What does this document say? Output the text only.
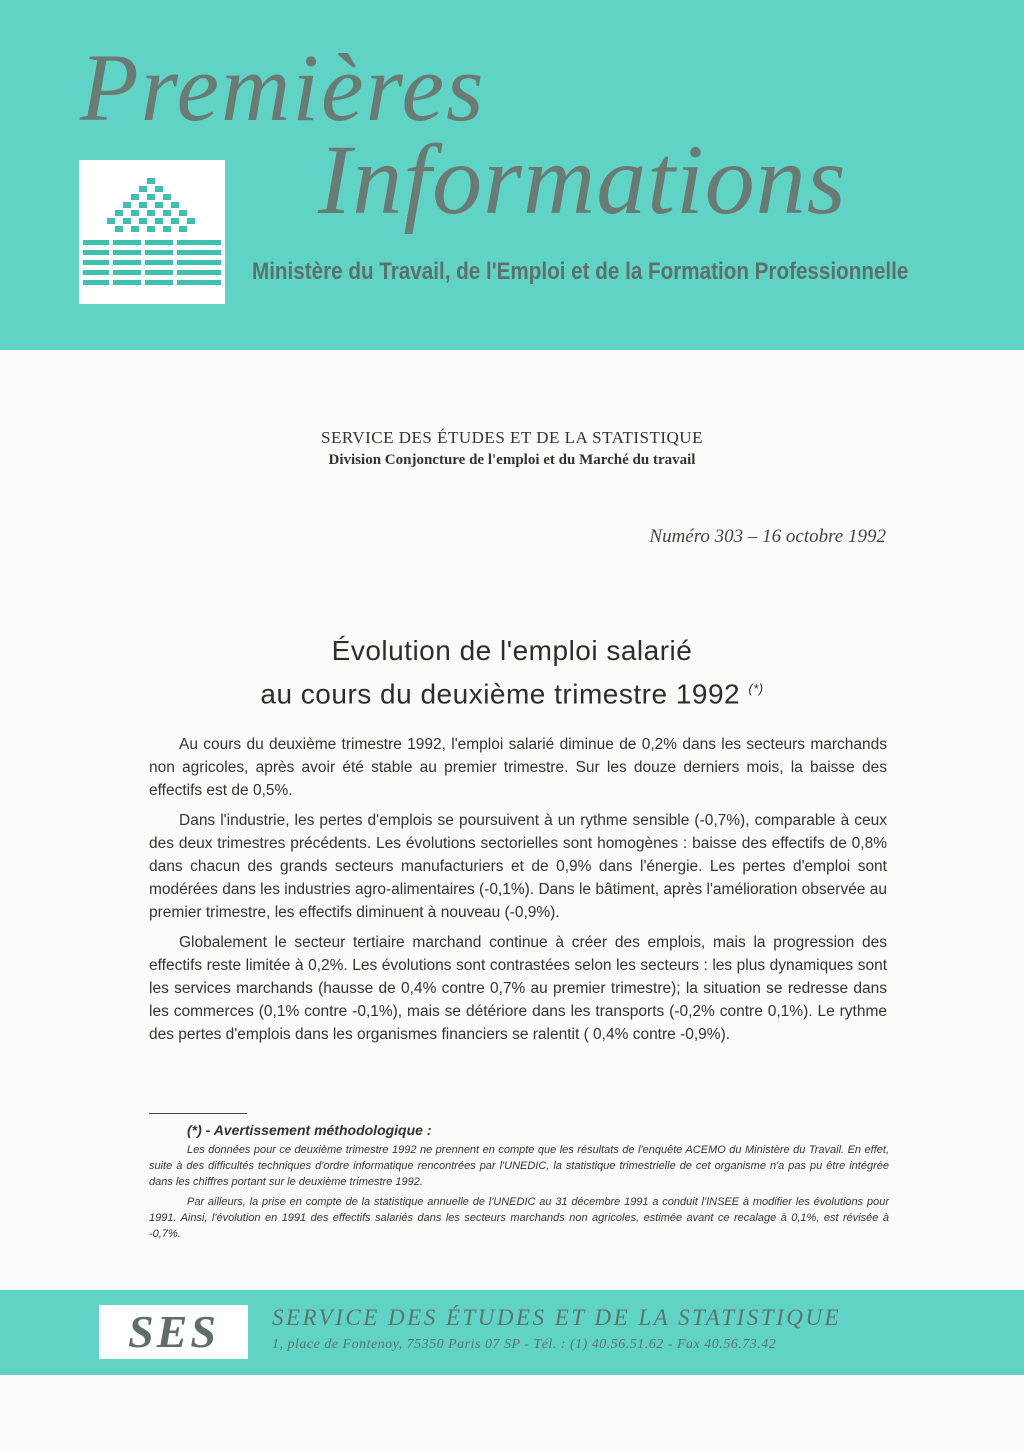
Premières
Informations
Ministère du Travail, de l'Emploi et de la Formation Professionnelle
SERVICE DES ÉTUDES ET DE LA STATISTIQUE
Division Conjoncture de l'emploi et du Marché du travail
Numéro 303 – 16 octobre 1992
Évolution de l'emploi salarié
au cours du deuxième trimestre 1992 (*)

Au cours du deuxième trimestre 1992, l'emploi salarié diminue de 0,2% dans les secteurs marchands non agricoles, après avoir été stable au premier trimestre. Sur les douze derniers mois, la baisse des effectifs est de 0,5%.

Dans l'industrie, les pertes d'emplois se poursuivent à un rythme sensible (-0,7%), comparable à ceux des deux trimestres précédents. Les évolutions sectorielles sont homogènes : baisse des effectifs de 0,8% dans chacun des grands secteurs manufacturiers et de 0,9% dans l'énergie. Les pertes d'emploi sont modérées dans les industries agro-alimentaires (-0,1%). Dans le bâtiment, après l'amélioration observée au premier trimestre, les effectifs diminuent à nouveau (-0,9%).

Globalement le secteur tertiaire marchand continue à créer des emplois, mais la progression des effectifs reste limitée à 0,2%. Les évolutions sont contrastées selon les secteurs : les plus dynamiques sont les services marchands (hausse de 0,4% contre 0,7% au premier trimestre); la situation se redresse dans les commerces (0,1% contre -0,1%), mais se détériore dans les transports (-0,2% contre 0,1%). Le rythme des pertes d'emplois dans les organismes financiers se ralentit ( 0,4% contre -0,9%).

(*) - Avertissement méthodologique :

Les données pour ce deuxième trimestre 1992 ne prennent en compte que les résultats de l'enquête ACEMO du Ministère du Travail. En effet, suite à des difficultés techniques d'ordre informatique rencontrées par l'UNEDIC, la statistique trimestrielle de cet organisme n'a pas pu être intégrée dans les chiffres portant sur le deuxième trimestre 1992.

Par ailleurs, la prise en compte de la statistique annuelle de l'UNEDIC au 31 décembre 1991 a conduit l'INSEE à modifier les évolutions pour 1991. Ainsi, l'évolution en 1991 des effectifs salariés dans les secteurs marchands non agricoles, estimée avant ce recalage à 0,1%, est révisée à -0,7%.

SES	SERVICE DES ÉTUDES ET DE LA STATISTIQUE
1, place de Fontenoy, 75350 Paris 07 SP - Tél. : (1) 40.56.51.62 - Fax 40.56.73.42
